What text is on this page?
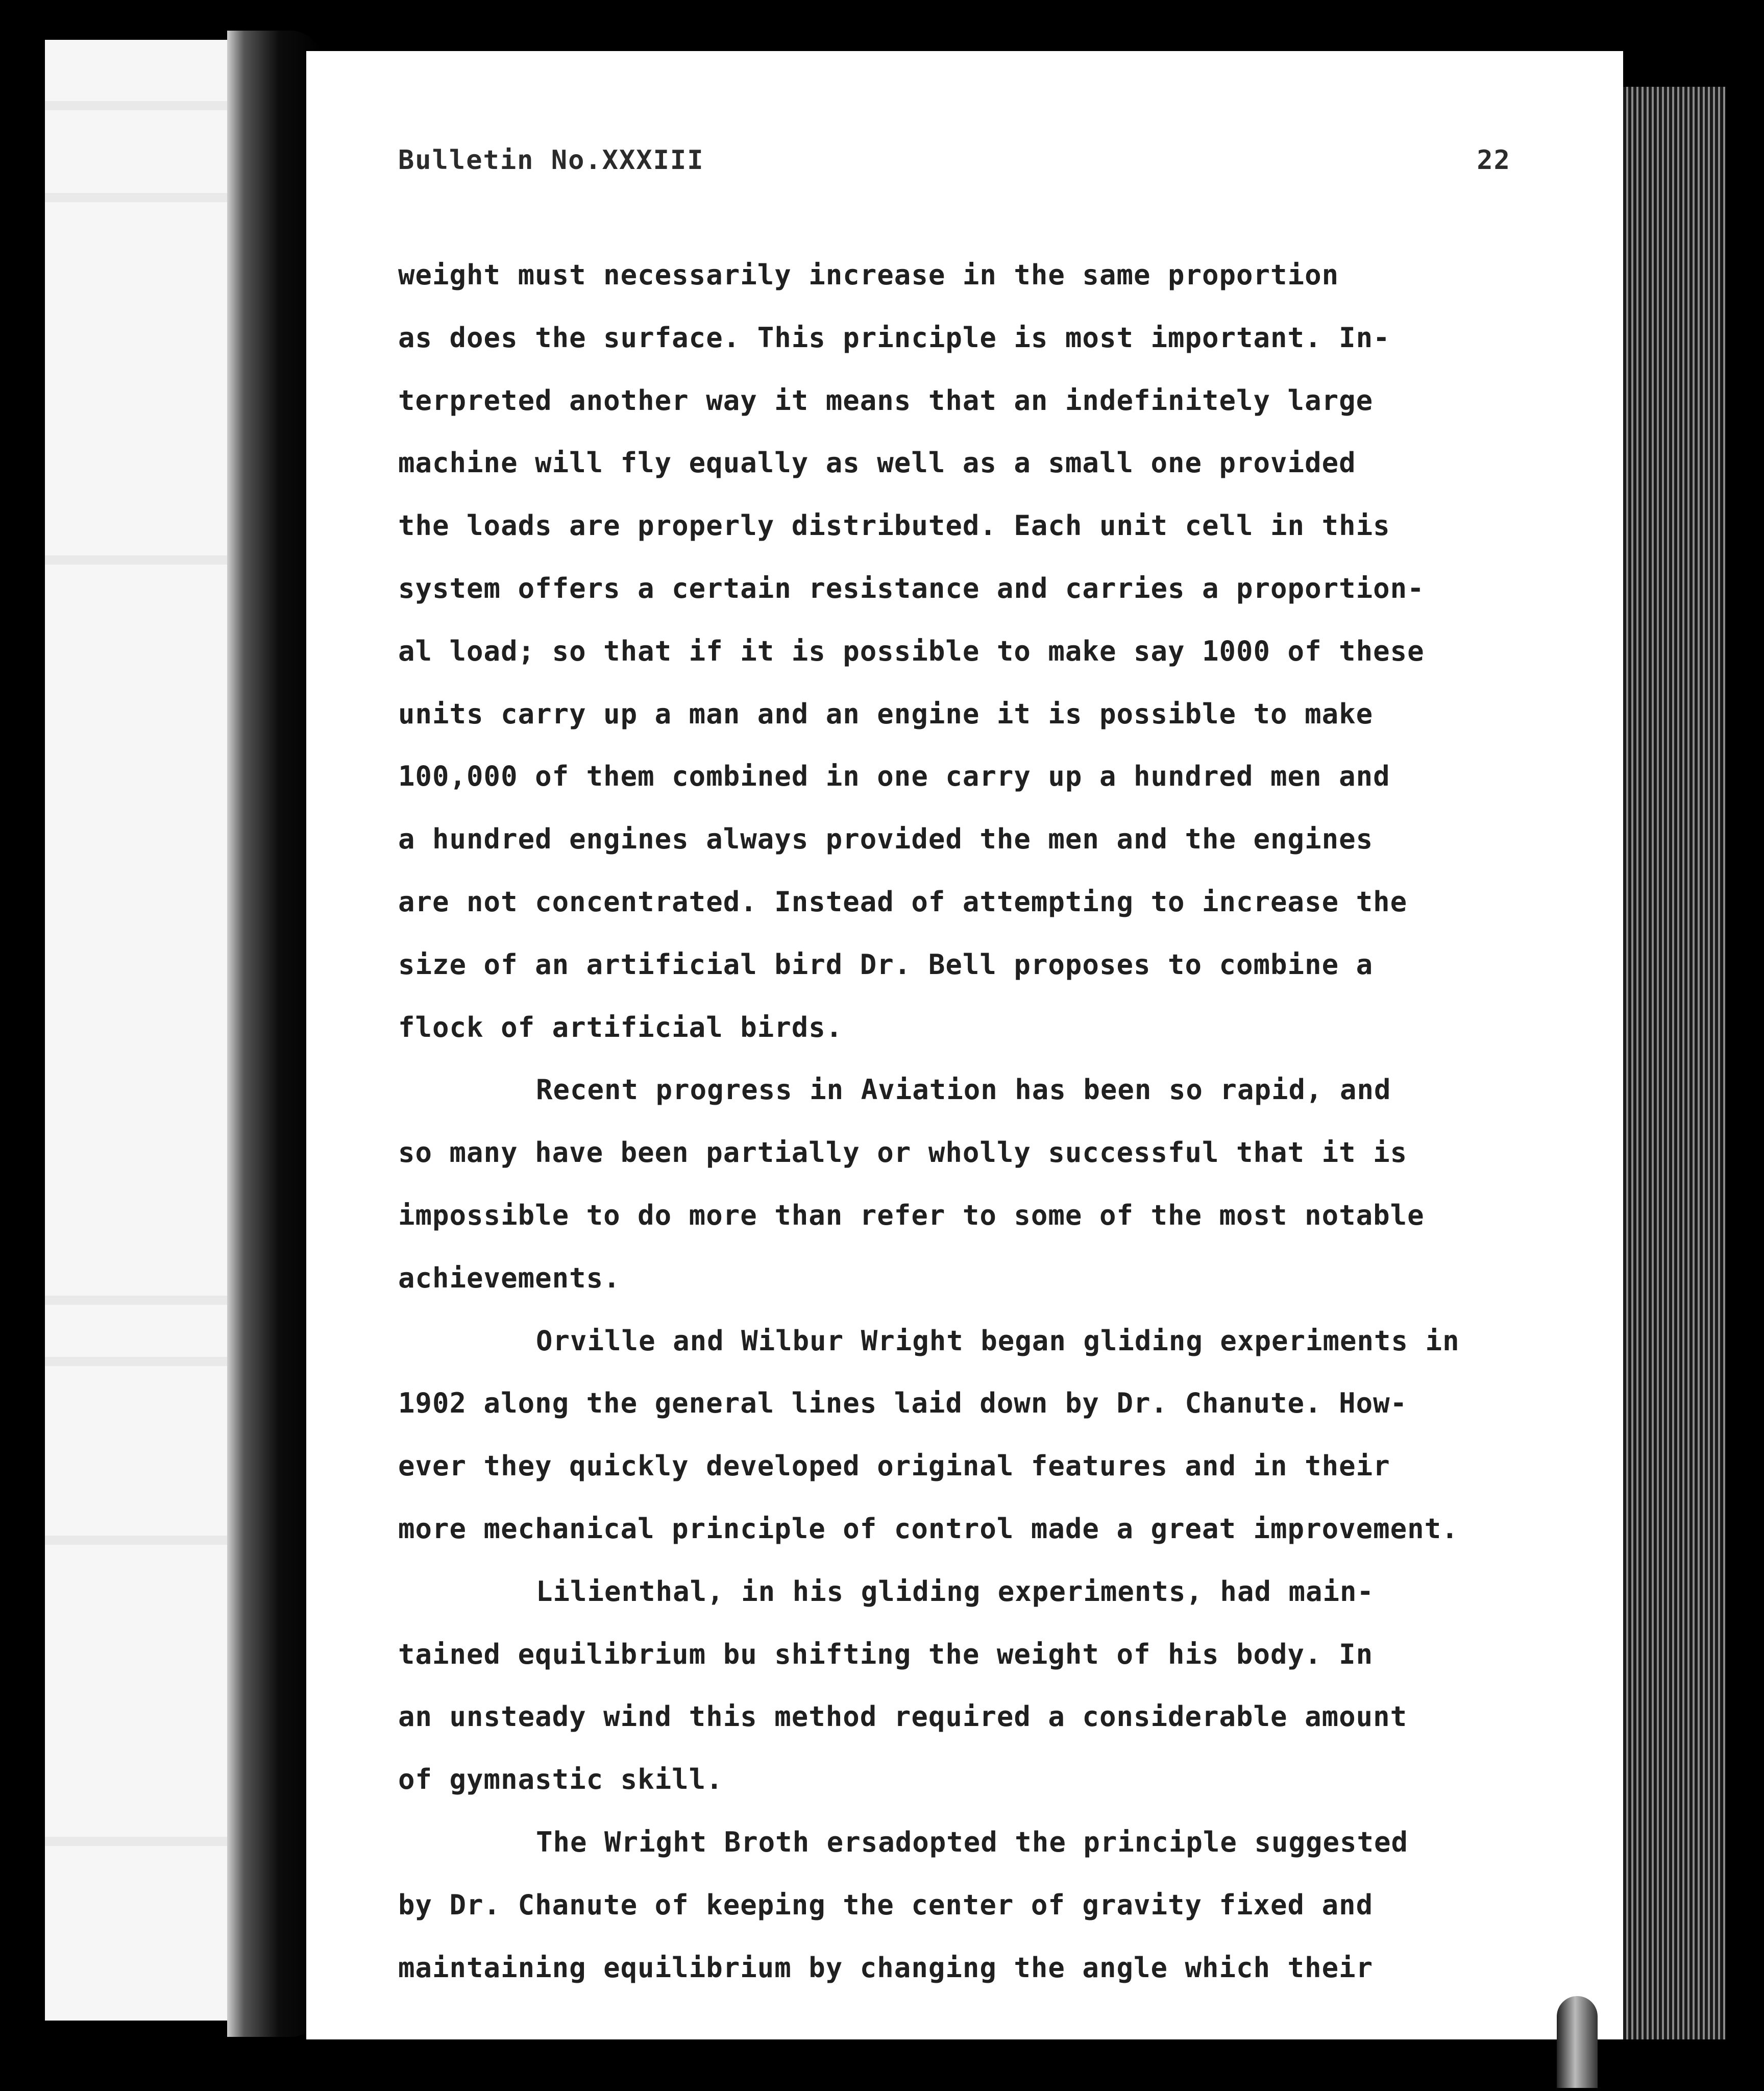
Bulletin No.XXXIII	22
weight must necessarily increase in the same proportion
as does the surface. This principle is most important. In-
terpreted another way it means that an indefinitely large
machine will fly equally as well as a small one provided
the loads are properly distributed. Each unit cell in this
system offers a certain resistance and carries a proportion-
al load; so that if it is possible to make say 1000 of these
units carry up a man and an engine it is possible to make
100,000 of them combined in one carry up a hundred men and
a hundred engines always provided the men and the engines
are not concentrated. Instead of attempting to increase the
size of an artificial bird Dr. Bell proposes to combine a
flock of artificial birds.
Recent progress in Aviation has been so rapid, and
so many have been partially or wholly successful that it is
impossible to do more than refer to some of the most notable
achievements.
Orville and Wilbur Wright began gliding experiments in
1902 along the general lines laid down by Dr. Chanute. How-
ever they quickly developed original features and in their
more mechanical principle of control made a great improvement.
Lilienthal, in his gliding experiments, had main-
tained equilibrium bu shifting the weight of his body. In
an unsteady wind this method required a considerable amount
of gymnastic skill.
The Wright Broth ersadopted the principle suggested
by Dr. Chanute of keeping the center of gravity fixed and
maintaining equilibrium by changing the angle which their
